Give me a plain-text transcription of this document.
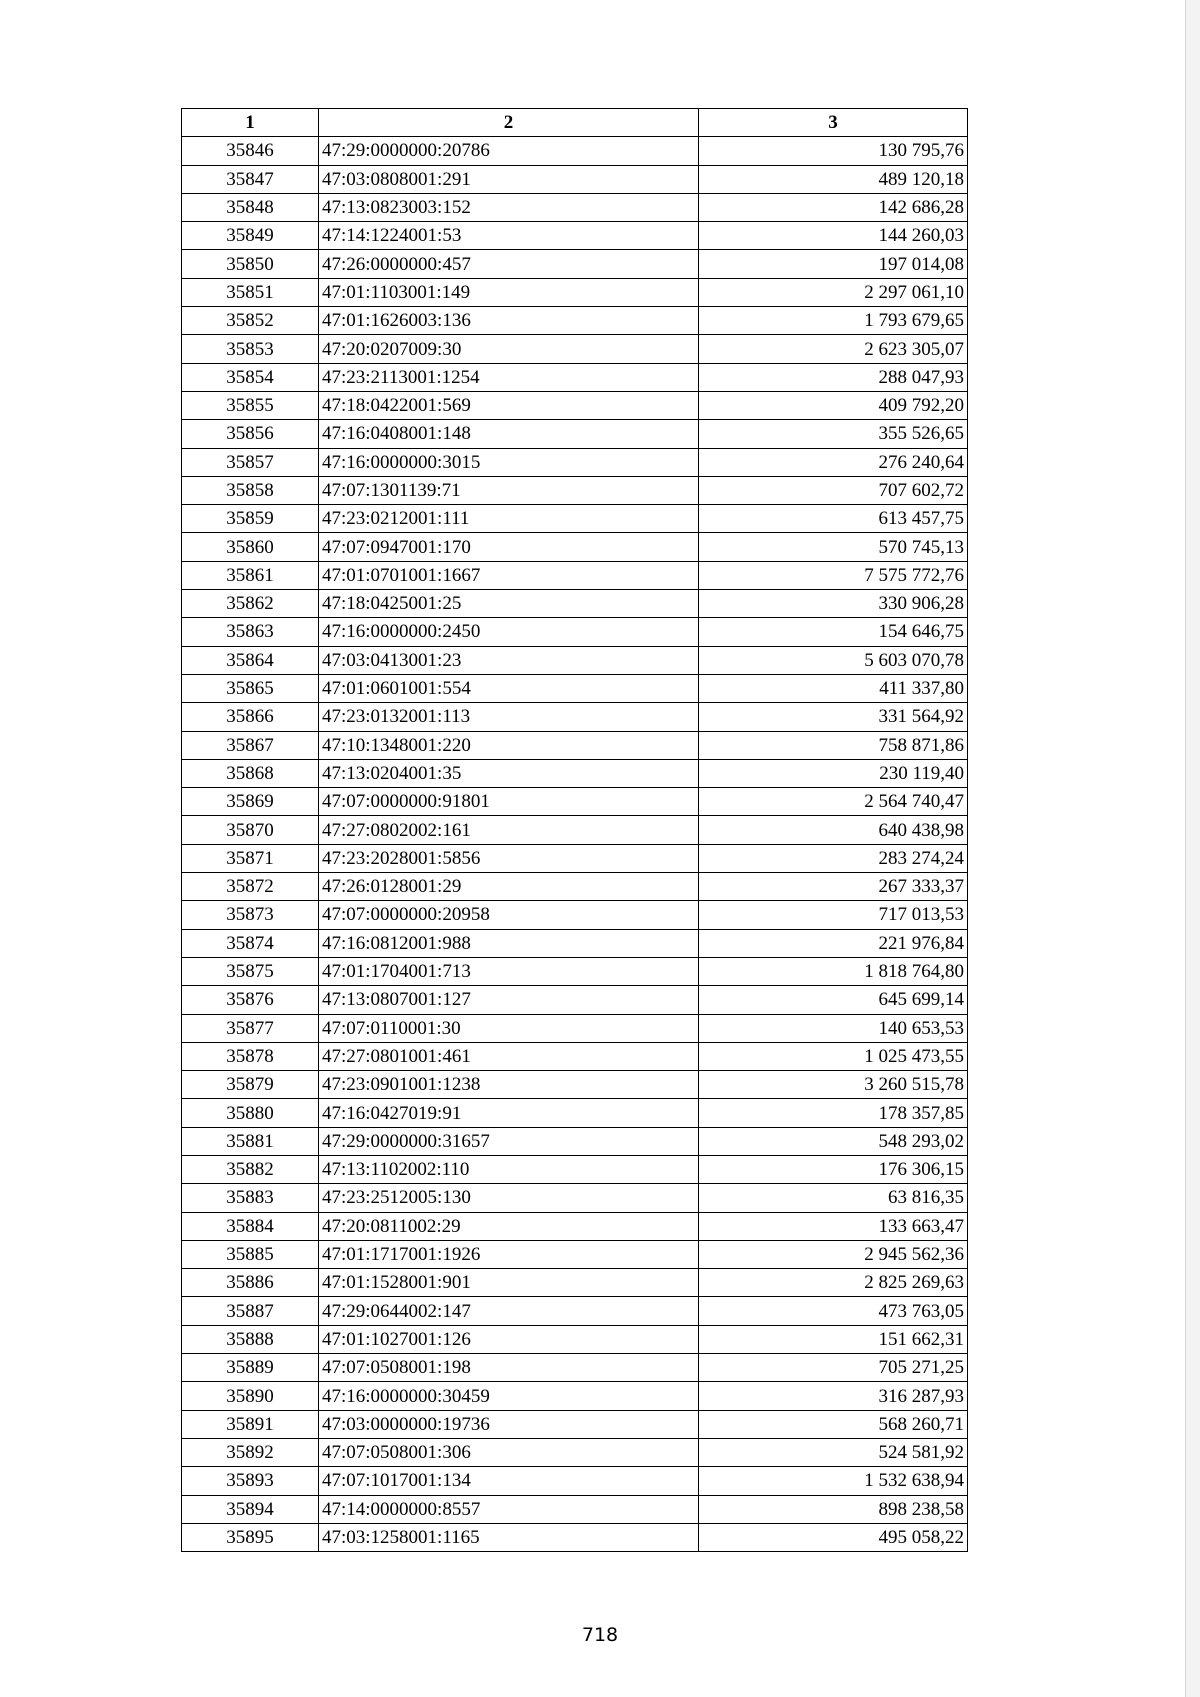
1	2	3
35846	47:29:0000000:20786	130 795,76
35847	47:03:0808001:291	489 120,18
35848	47:13:0823003:152	142 686,28
35849	47:14:1224001:53	144 260,03
35850	47:26:0000000:457	197 014,08
35851	47:01:1103001:149	2 297 061,10
35852	47:01:1626003:136	1 793 679,65
35853	47:20:0207009:30	2 623 305,07
35854	47:23:2113001:1254	288 047,93
35855	47:18:0422001:569	409 792,20
35856	47:16:0408001:148	355 526,65
35857	47:16:0000000:3015	276 240,64
35858	47:07:1301139:71	707 602,72
35859	47:23:0212001:111	613 457,75
35860	47:07:0947001:170	570 745,13
35861	47:01:0701001:1667	7 575 772,76
35862	47:18:0425001:25	330 906,28
35863	47:16:0000000:2450	154 646,75
35864	47:03:0413001:23	5 603 070,78
35865	47:01:0601001:554	411 337,80
35866	47:23:0132001:113	331 564,92
35867	47:10:1348001:220	758 871,86
35868	47:13:0204001:35	230 119,40
35869	47:07:0000000:91801	2 564 740,47
35870	47:27:0802002:161	640 438,98
35871	47:23:2028001:5856	283 274,24
35872	47:26:0128001:29	267 333,37
35873	47:07:0000000:20958	717 013,53
35874	47:16:0812001:988	221 976,84
35875	47:01:1704001:713	1 818 764,80
35876	47:13:0807001:127	645 699,14
35877	47:07:0110001:30	140 653,53
35878	47:27:0801001:461	1 025 473,55
35879	47:23:0901001:1238	3 260 515,78
35880	47:16:0427019:91	178 357,85
35881	47:29:0000000:31657	548 293,02
35882	47:13:1102002:110	176 306,15
35883	47:23:2512005:130	63 816,35
35884	47:20:0811002:29	133 663,47
35885	47:01:1717001:1926	2 945 562,36
35886	47:01:1528001:901	2 825 269,63
35887	47:29:0644002:147	473 763,05
35888	47:01:1027001:126	151 662,31
35889	47:07:0508001:198	705 271,25
35890	47:16:0000000:30459	316 287,93
35891	47:03:0000000:19736	568 260,71
35892	47:07:0508001:306	524 581,92
35893	47:07:1017001:134	1 532 638,94
35894	47:14:0000000:8557	898 238,58
35895	47:03:1258001:1165	495 058,22
718
